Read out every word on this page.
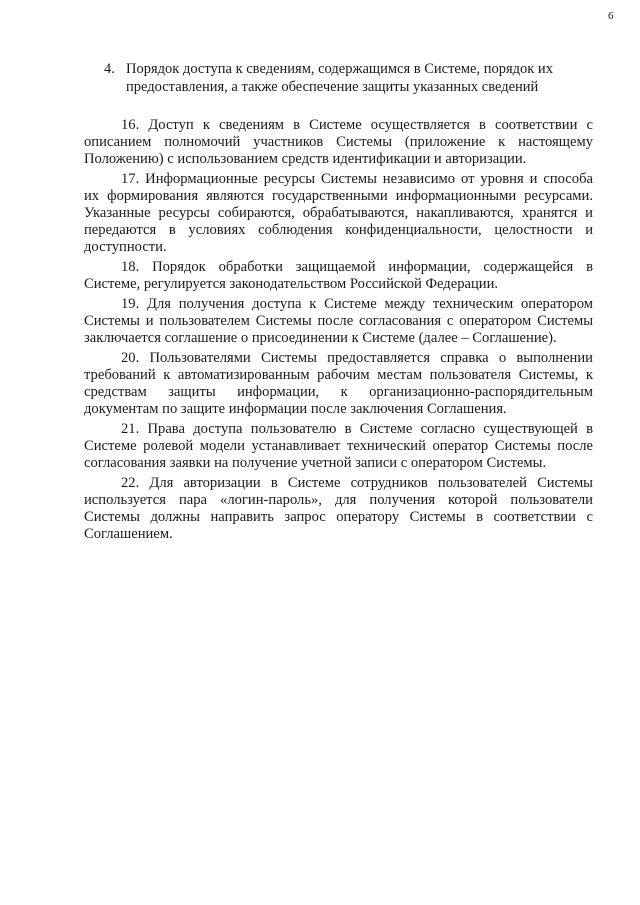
6
4. Порядок доступа к сведениям, содержащимся в Системе, порядок их
предоставления, а также обеспечение защиты указанных сведений

16. Доступ к сведениям в Системе осуществляется в соответствии с описанием полномочий участников Системы (приложение к настоящему Положению) с использованием средств идентификации и авторизации.

17. Информационные ресурсы Системы независимо от уровня и способа их формирования являются государственными информационными ресурсами. Указанные ресурсы собираются, обрабатываются, накапливаются, хранятся и передаются в условиях соблюдения конфиденциальности, целостности и доступности.

18. Порядок обработки защищаемой информации, содержащейся в Системе, регулируется законодательством Российской Федерации.

19. Для получения доступа к Системе между техническим оператором Системы и пользователем Системы после согласования с оператором Системы заключается соглашение о присоединении к Системе (далее – Соглашение).

20. Пользователями Системы предоставляется справка о выполнении требований к автоматизированным рабочим местам пользователя Системы, к средствам защиты информации, к организационно-распорядительным документам по защите информации после заключения Соглашения.

21. Права доступа пользователю в Системе согласно существующей в Системе ролевой модели устанавливает технический оператор Системы после согласования заявки на получение учетной записи с оператором Системы.

22. Для авторизации в Системе сотрудников пользователей Системы используется пара «логин-пароль», для получения которой пользователи Системы должны направить запрос оператору Системы в соответствии с Соглашением.
